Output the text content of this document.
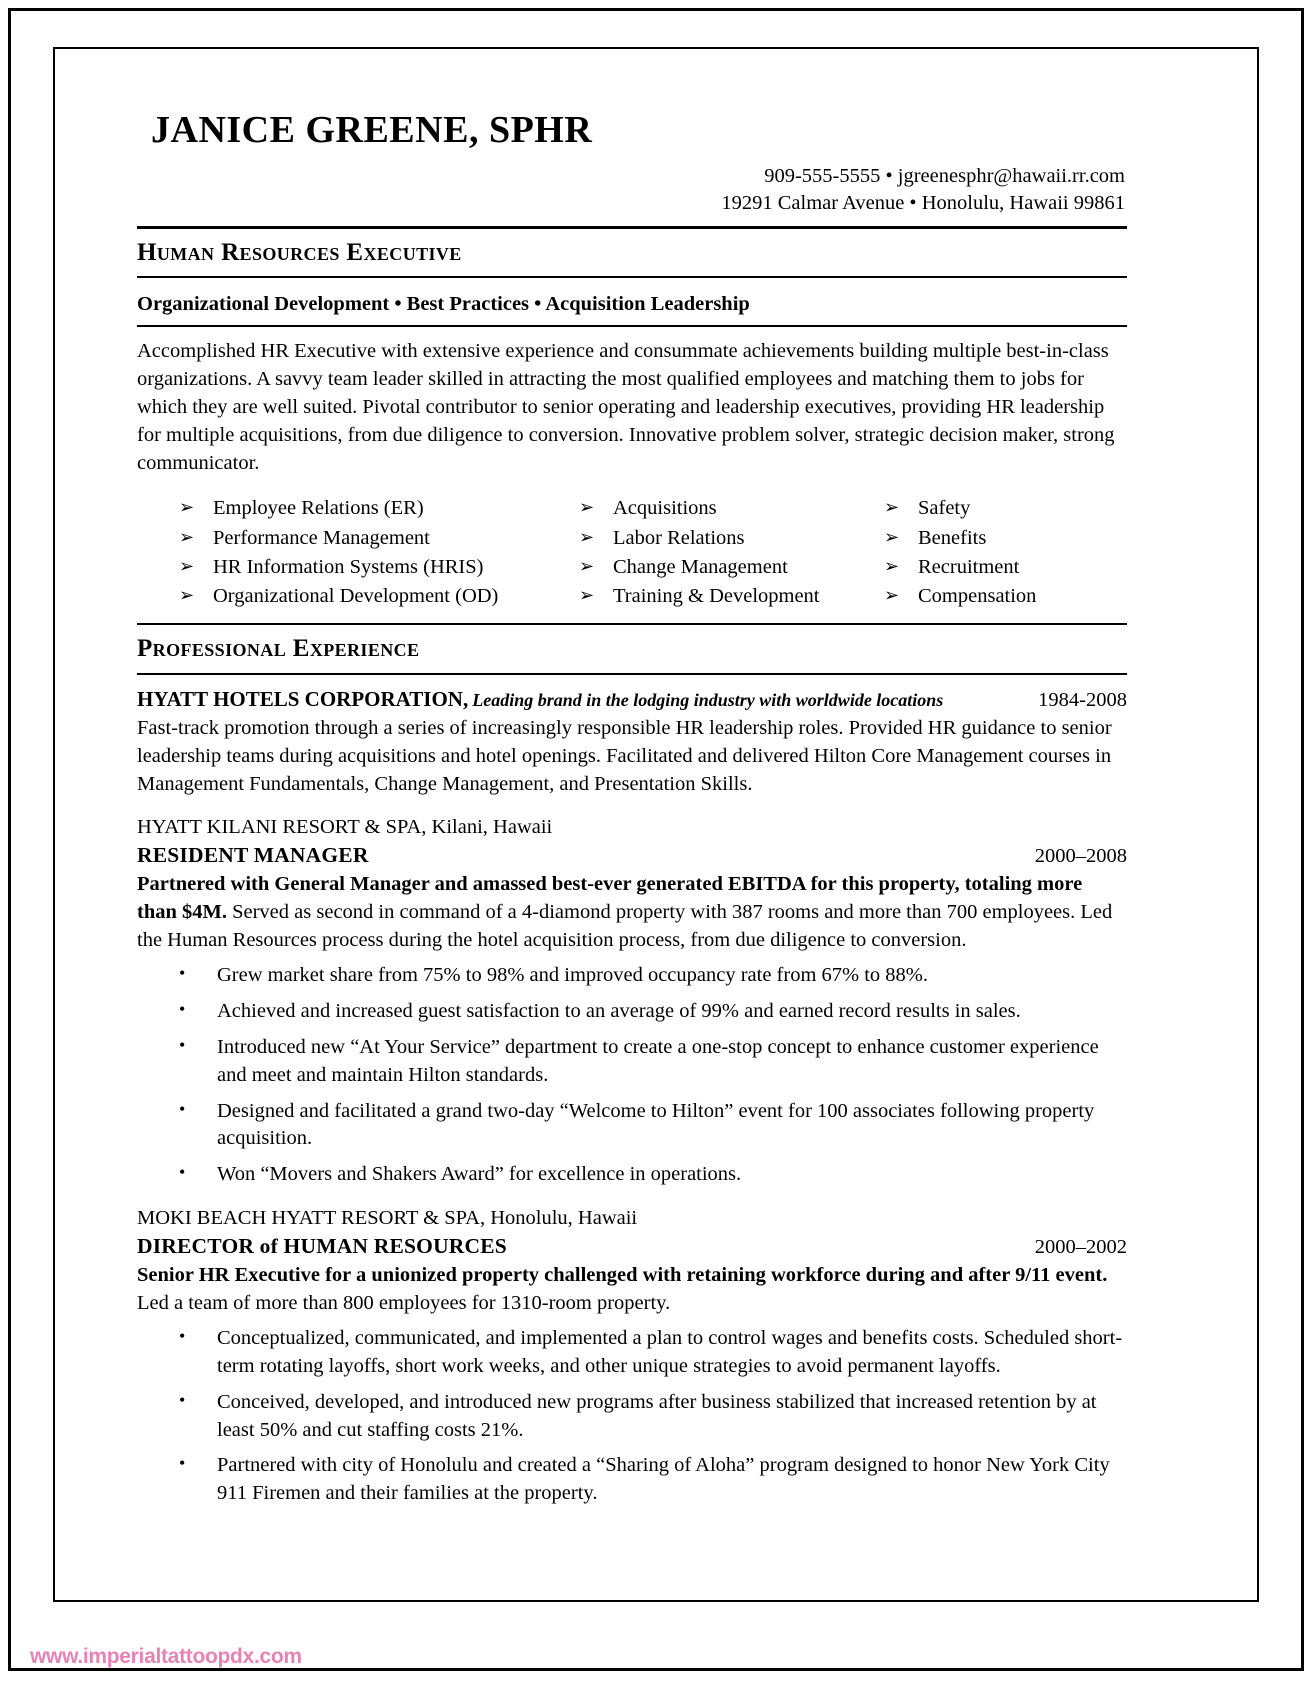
JANICE GREENE, SPHR
909-555-5555 • jgreenesphr@hawaii.rr.com
19291 Calmar Avenue • Honolulu, Hawaii 99861
Human Resources Executive
Organizational Development • Best Practices • Acquisition Leadership
Accomplished HR Executive with extensive experience and consummate achievements building multiple best-in-class organizations. A savvy team leader skilled in attracting the most qualified employees and matching them to jobs for which they are well suited. Pivotal contributor to senior operating and leadership executives, providing HR leadership for multiple acquisitions, from due diligence to conversion. Innovative problem solver, strategic decision maker, strong communicator.
➢ Employee Relations (ER)	➢ Acquisitions	➢ Safety
➢ Performance Management	➢ Labor Relations	➢ Benefits
➢ HR Information Systems (HRIS)	➢ Change Management	➢ Recruitment
➢ Organizational Development (OD)	➢ Training & Development	➢ Compensation
Professional Experience
HYATT HOTELS CORPORATION, Leading brand in the lodging industry with worldwide locations	1984-2008
Fast-track promotion through a series of increasingly responsible HR leadership roles. Provided HR guidance to senior leadership teams during acquisitions and hotel openings. Facilitated and delivered Hilton Core Management courses in Management Fundamentals, Change Management, and Presentation Skills.
HYATT KILANI RESORT & SPA, Kilani, Hawaii
RESIDENT MANAGER	2000–2008
Partnered with General Manager and amassed best-ever generated EBITDA for this property, totaling more than $4M. Served as second in command of a 4-diamond property with 387 rooms and more than 700 employees. Led the Human Resources process during the hotel acquisition process, from due diligence to conversion.
•	Grew market share from 75% to 98% and improved occupancy rate from 67% to 88%.
•	Achieved and increased guest satisfaction to an average of 99% and earned record results in sales.
•	Introduced new “At Your Service” department to create a one-stop concept to enhance customer experience and meet and maintain Hilton standards.
•	Designed and facilitated a grand two-day “Welcome to Hilton” event for 100 associates following property acquisition.
•	Won “Movers and Shakers Award” for excellence in operations.
MOKI BEACH HYATT RESORT & SPA, Honolulu, Hawaii
DIRECTOR of HUMAN RESOURCES	2000–2002
Senior HR Executive for a unionized property challenged with retaining workforce during and after 9/11 event. Led a team of more than 800 employees for 1310-room property.
•	Conceptualized, communicated, and implemented a plan to control wages and benefits costs. Scheduled short-term rotating layoffs, short work weeks, and other unique strategies to avoid permanent layoffs.
•	Conceived, developed, and introduced new programs after business stabilized that increased retention by at least 50% and cut staffing costs 21%.
•	Partnered with city of Honolulu and created a “Sharing of Aloha” program designed to honor New York City 911 Firemen and their families at the property.
www.imperialtattoopdx.com
